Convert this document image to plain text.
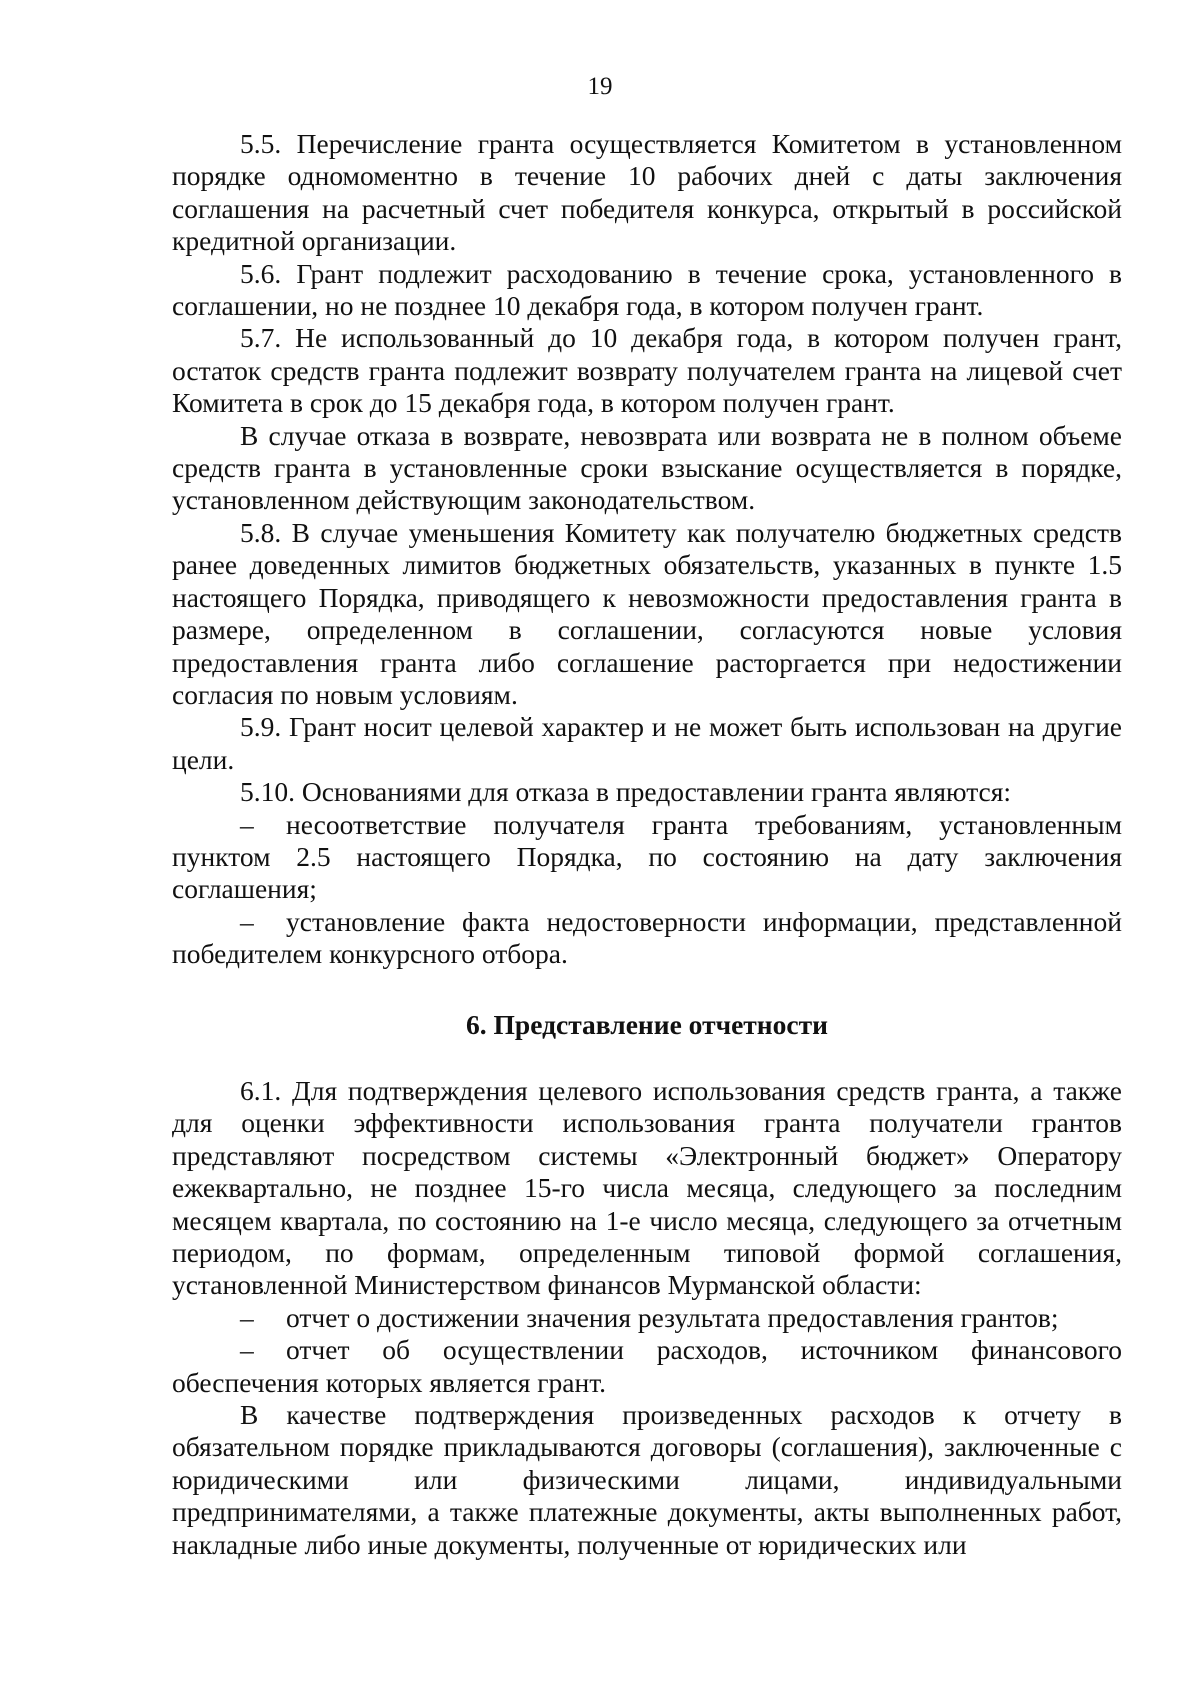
19

5.5. Перечисление гранта осуществляется Комитетом в установленном порядке одномоментно в течение 10 рабочих дней с даты заключения соглашения на расчетный счет победителя конкурса, открытый в российской кредитной организации.

5.6. Грант подлежит расходованию в течение срока, установленного в соглашении, но не позднее 10 декабря года, в котором получен грант.

5.7. Не использованный до 10 декабря года, в котором получен грант, остаток средств гранта подлежит возврату получателем гранта на лицевой счет Комитета в срок до 15 декабря года, в котором получен грант.

В случае отказа в возврате, невозврата или возврата не в полном объеме средств гранта в установленные сроки взыскание осуществляется в порядке, установленном действующим законодательством.

5.8. В случае уменьшения Комитету как получателю бюджетных средств ранее доведенных лимитов бюджетных обязательств, указанных в пункте 1.5 настоящего Порядка, приводящего к невозможности предоставления гранта в размере, определенном в соглашении, согласуются новые условия предоставления гранта либо соглашение расторгается при недостижении согласия по новым условиям.

5.9. Грант носит целевой характер и не может быть использован на другие цели.

5.10. Основаниями для отказа в предоставлении гранта являются:

– несоответствие получателя гранта требованиям, установленным пунктом 2.5 настоящего Порядка, по состоянию на дату заключения соглашения;

– установление факта недостоверности информации, представленной победителем конкурсного отбора.

6. Представление отчетности

6.1. Для подтверждения целевого использования средств гранта, а также для оценки эффективности использования гранта получатели грантов представляют посредством системы «Электронный бюджет» Оператору ежеквартально, не позднее 15-го числа месяца, следующего за последним месяцем квартала, по состоянию на 1-е число месяца, следующего за отчетным периодом, по формам, определенным типовой формой соглашения, установленной Министерством финансов Мурманской области:

– отчет о достижении значения результата предоставления грантов;

– отчет об осуществлении расходов, источником финансового обеспечения которых является грант.

В качестве подтверждения произведенных расходов к отчету в обязательном порядке прикладываются договоры (соглашения), заключенные с юридическими или физическими лицами, индивидуальными предпринимателями, а также платежные документы, акты выполненных работ, накладные либо иные документы, полученные от юридических или
